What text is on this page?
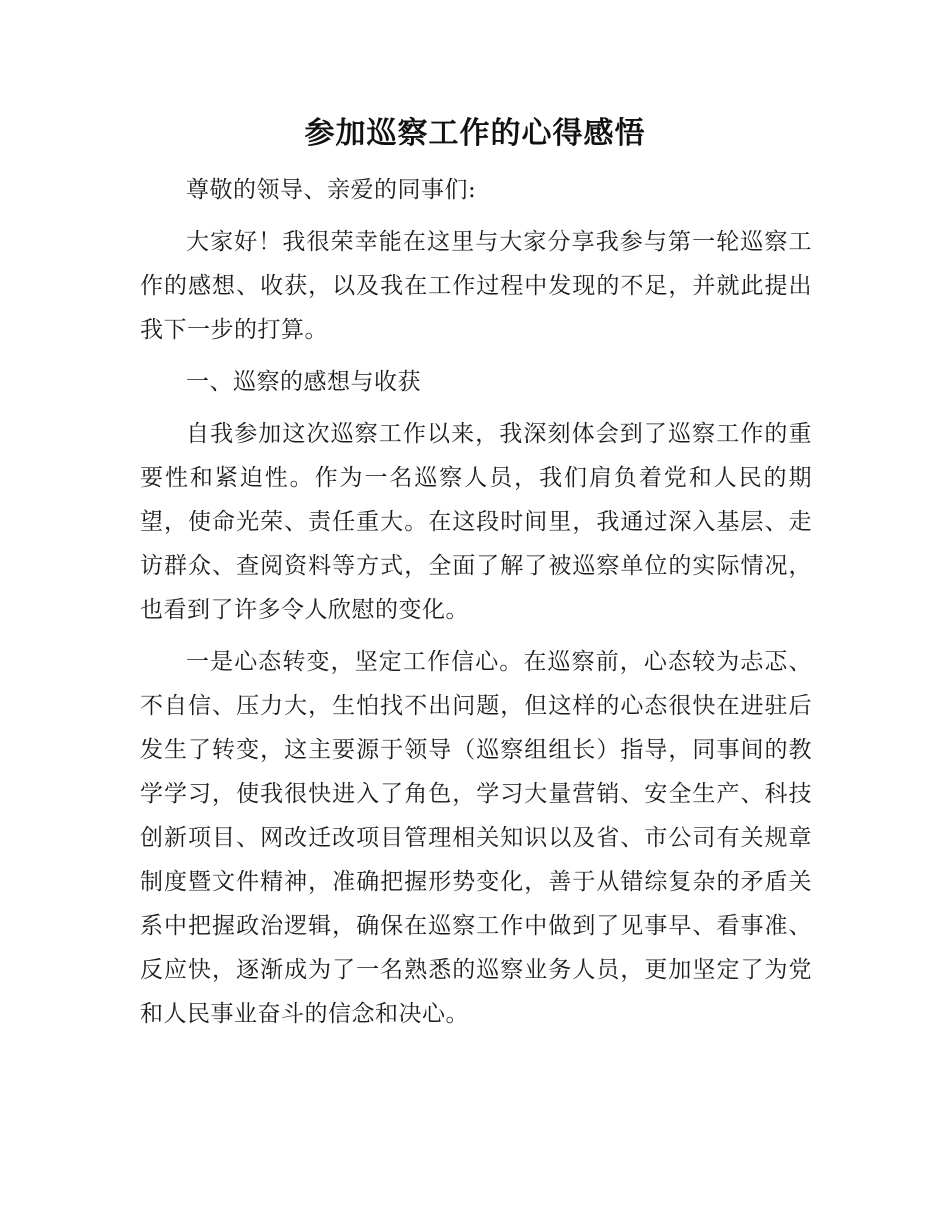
参加巡察工作的心得感悟

尊敬的领导、亲爱的同事们:

大家好！我很荣幸能在这里与大家分享我参与第一轮巡察工作的感想、收获，以及我在工作过程中发现的不足，并就此提出我下一步的打算。

一、巡察的感想与收获

自我参加这次巡察工作以来，我深刻体会到了巡察工作的重要性和紧迫性。作为一名巡察人员，我们肩负着党和人民的期望，使命光荣、责任重大。在这段时间里，我通过深入基层、走访群众、查阅资料等方式，全面了解了被巡察单位的实际情况，也看到了许多令人欣慰的变化。

一是心态转变，坚定工作信心。在巡察前，心态较为忐忑、不自信、压力大，生怕找不出问题，但这样的心态很快在进驻后发生了转变，这主要源于领导（巡察组组长）指导，同事间的教学学习，使我很快进入了角色，学习大量营销、安全生产、科技创新项目、网改迁改项目管理相关知识以及省、市公司有关规章制度暨文件精神，准确把握形势变化，善于从错综复杂的矛盾关系中把握政治逻辑，确保在巡察工作中做到了见事早、看事准、反应快，逐渐成为了一名熟悉的巡察业务人员，更加坚定了为党和人民事业奋斗的信念和决心。
